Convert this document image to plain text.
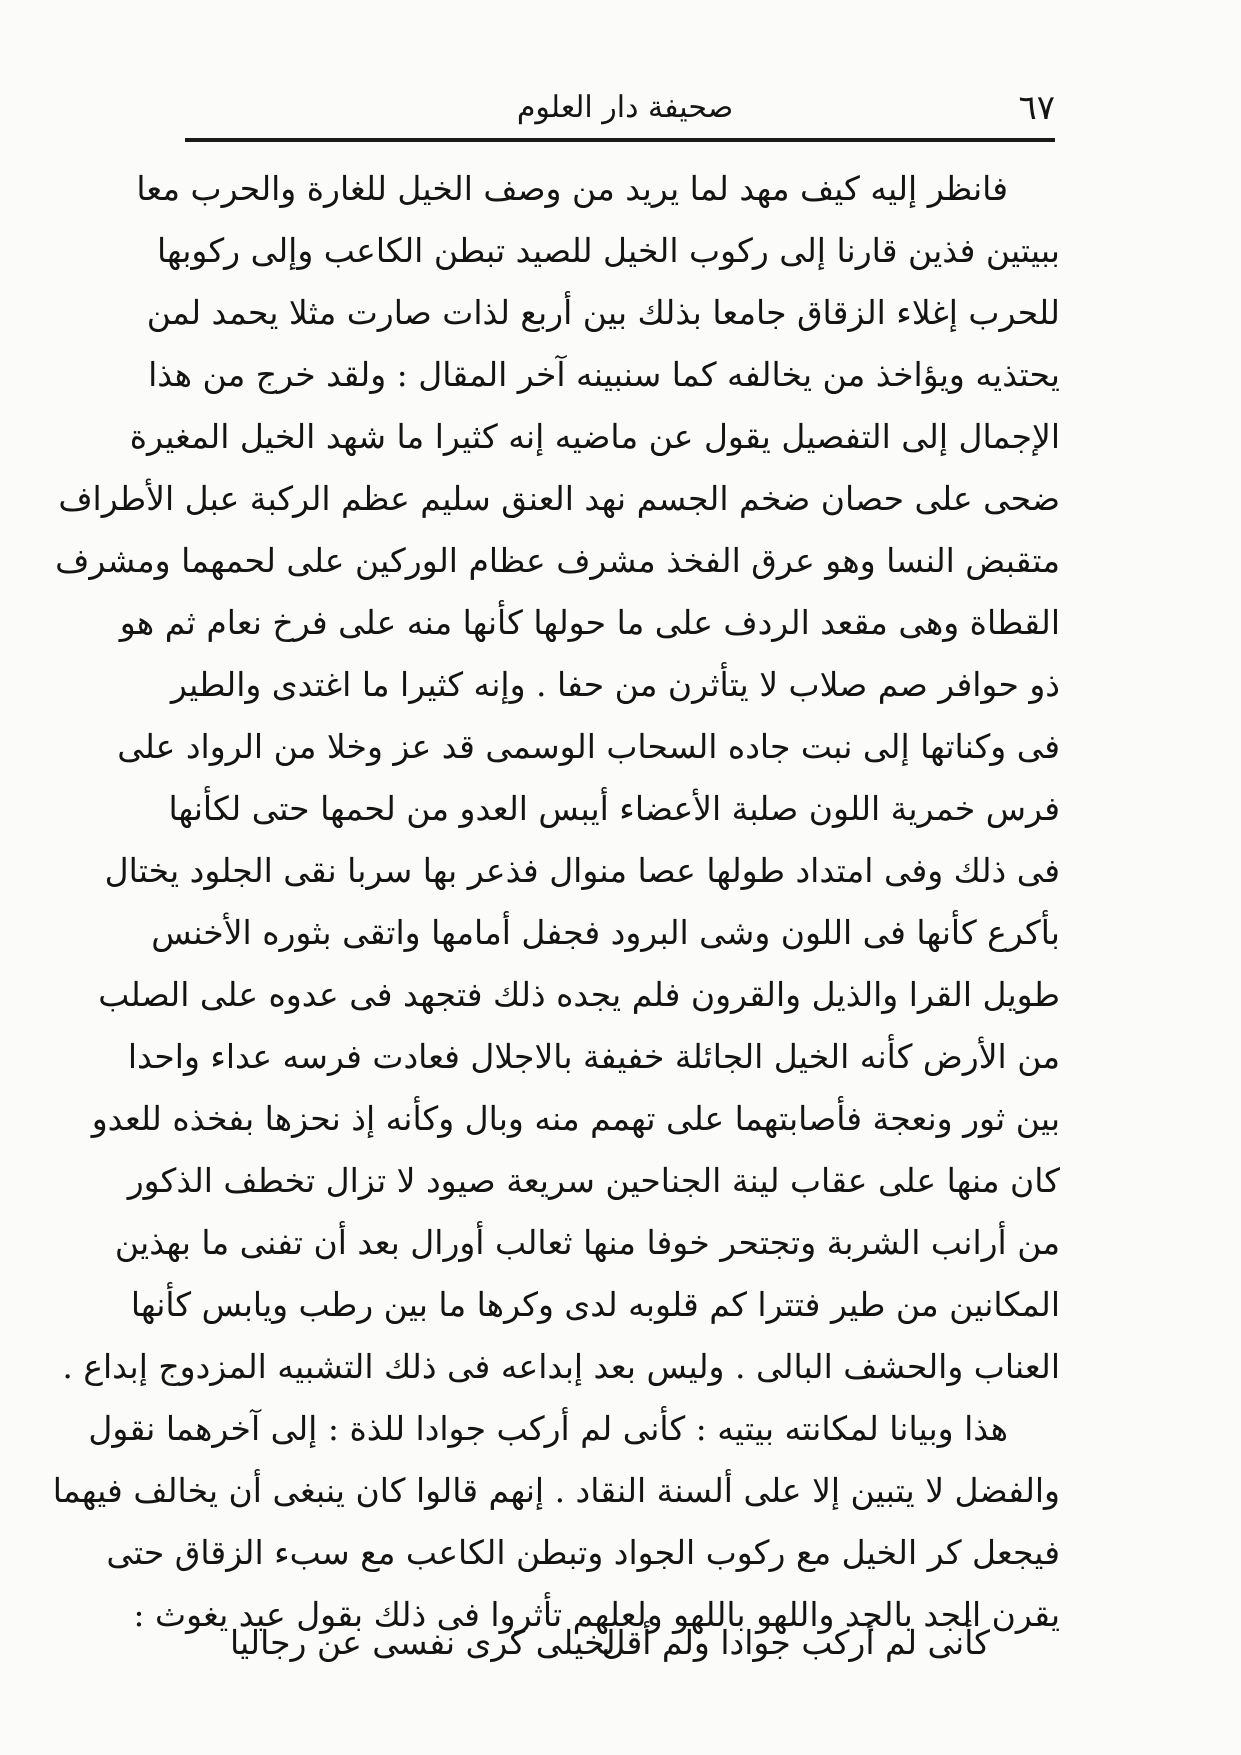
٦٧
صحيفة دار العلوم
فانظر إليه كيف مهد لما يريد من وصف الخيل للغارة والحرب معا
ببيتين فذين قارنا إلى ركوب الخيل للصيد تبطن الكاعب وإلى ركوبها
للحرب إغلاء الزقاق جامعا بذلك بين أربع لذات صارت مثلا يحمد لمن
يحتذيه ويؤاخذ من يخالفه كما سنبينه آخر المقال : ولقد خرج من هذا
الإجمال إلى التفصيل يقول عن ماضيه إنه كثيرا ما شهد الخيل المغيرة
ضحى على حصان ضخم الجسم نهد العنق سليم عظم الركبة عبل الأطراف
متقبض النسا وهو عرق الفخذ مشرف عظام الوركين على لحمهما ومشرف
القطاة وهى مقعد الردف على ما حولها كأنها منه على فرخ نعام ثم هو
ذو حوافر صم صلاب لا يتأثرن من حفا . وإنه كثيرا ما اغتدى والطير
فى وكناتها إلى نبت جاده السحاب الوسمى قد عز وخلا من الرواد على
فرس خمرية اللون صلبة الأعضاء أيبس العدو من لحمها حتى لكأنها
فى ذلك وفى امتداد طولها عصا منوال فذعر بها سربا نقى الجلود يختال
بأكرع كأنها فى اللون وشى البرود فجفل أمامها واتقى بثوره الأخنس
طويل القرا والذيل والقرون فلم يجده ذلك فتجهد فى عدوه على الصلب
من الأرض كأنه الخيل الجائلة خفيفة بالاجلال فعادت فرسه عداء واحدا
بين ثور ونعجة فأصابتهما على تهمم منه وبال وكأنه إذ نحزها بفخذه للعدو
كان منها على عقاب لينة الجناحين سريعة صيود لا تزال تخطف الذكور
من أرانب الشربة وتجتحر خوفا منها ثعالب أورال بعد أن تفنى ما بهذين
المكانين من طير فتترا كم قلوبه لدى وكرها ما بين رطب ويابس كأنها
العناب والحشف البالى . وليس بعد إبداعه فى ذلك التشبيه المزدوج إبداع .
هذا وبيانا لمكانته بيتيه : كأنى لم أركب جوادا للذة : إلى آخرهما نقول
والفضل لا يتبين إلا على ألسنة النقاد . إنهم قالوا كان ينبغى أن يخالف فيهما
فيجعل كر الخيل مع ركوب الجواد وتبطن الكاعب مع سبء الزقاق حتى
يقرن الجد بالجد واللهو باللهو ولعلهم تأثروا فى ذلك بقول عبد يغوث :
كأنى لم أركب جوادا ولم أقل
لخيلى كرى نفسى عن رجاليا
